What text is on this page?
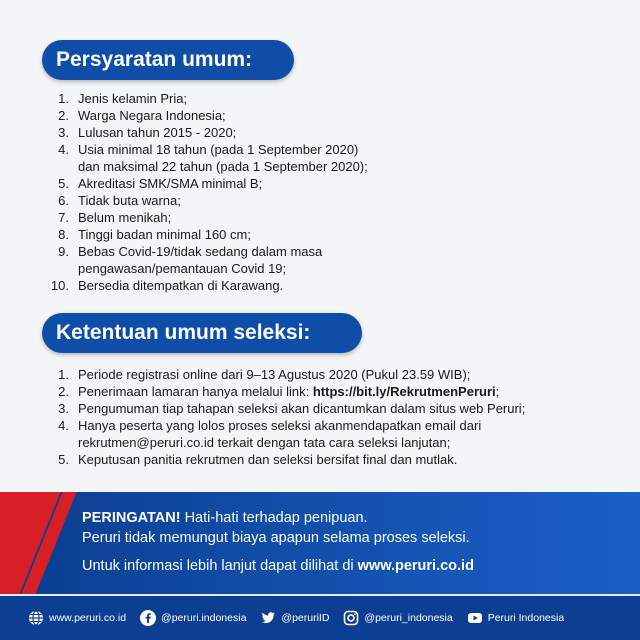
Persyaratan umum:
1. Jenis kelamin Pria;
2. Warga Negara Indonesia;
3. Lulusan tahun 2015 - 2020;
4. Usia minimal 18 tahun (pada 1 September 2020)
dan maksimal 22 tahun (pada 1 September 2020);
5. Akreditasi SMK/SMA minimal B;
6. Tidak buta warna;
7. Belum menikah;
8. Tinggi badan minimal 160 cm;
9. Bebas Covid-19/tidak sedang dalam masa
pengawasan/pemantauan Covid 19;
10. Bersedia ditempatkan di Karawang.
Ketentuan umum seleksi:
1. Periode registrasi online dari 9–13 Agustus 2020 (Pukul 23.59 WIB);
2. Penerimaan lamaran hanya melalui link: https://bit.ly/RekrutmenPeruri;
3. Pengumuman tiap tahapan seleksi akan dicantumkan dalam situs web Peruri;
4. Hanya peserta yang lolos proses seleksi akanmendapatkan email dari
rekrutmen@peruri.co.id terkait dengan tata cara seleksi lanjutan;
5. Keputusan panitia rekrutmen dan seleksi bersifat final dan mutlak.
PERINGATAN! Hati-hati terhadap penipuan.
Peruri tidak memungut biaya apapun selama proses seleksi.
Untuk informasi lebih lanjut dapat dilihat di www.peruri.co.id
www.peruri.co.id	@peruri.indonesia	@peruriID	@peruri_indonesia	Peruri Indonesia
